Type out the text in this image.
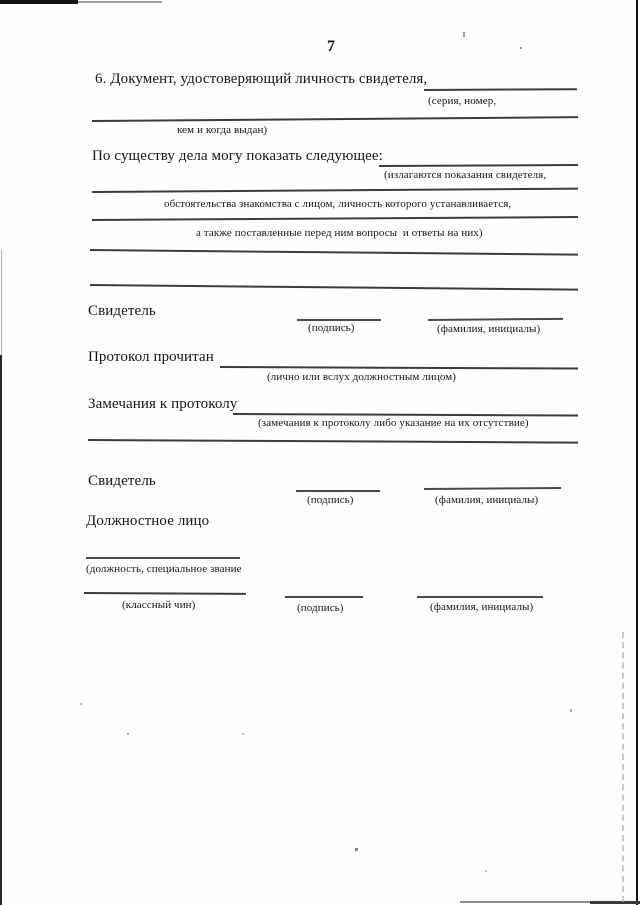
7
6. Документ, удостоверяющий личность свидетеля,
(серия, номер,
кем и когда выдан)
По существу дела могу показать следующее:
(излагаются показания свидетеля,
обстоятельства знакомства с лицом, личность которого устанавливается,
а также поставленные перед ним вопросы  и ответы на них)
Свидетель
(подпись)	(фамилия, инициалы)
Протокол прочитан
(лично или вслух должностным лицом)
Замечания к протоколу
(замечания к протоколу либо указание на их отсутствие)
Свидетель
(подпись)	(фамилия, инициалы)
Должностное лицо
(должность, специальное звание
(классный чин)	(подпись)	(фамилия, инициалы)
